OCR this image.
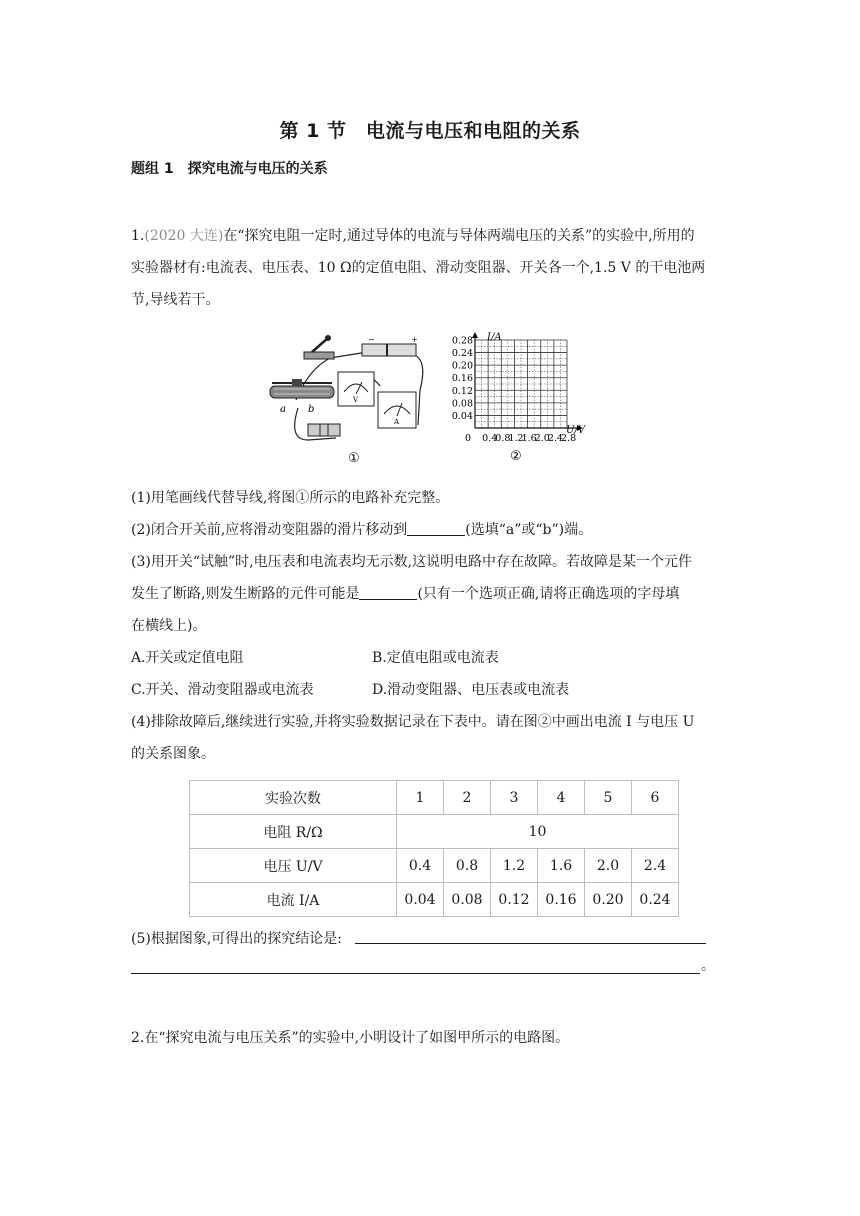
第 1 节　电流与电压和电阻的关系
题组 1　探究电流与电压的关系
1.(2020 大连)在“探究电阻一定时,通过导体的电流与导体两端电压的关系”的实验中,所用的
实验器材有:电流表、电压表、10 Ω的定值电阻、滑动变阻器、开关各一个,1.5 V 的干电池两
节,导线若干。
−	+
a b
V
A
①
0.04
0.08
0.12
0.16
0.20
0.24
0.28
0 0.4
0.8
1.2
1.6
2.0
2.4
2.8
I/A
U/V
②
(1)用笔画线代替导线,将图①所示的电路补充完整。
(2)闭合开关前,应将滑动变阻器的滑片移动到	(选填“a”或“b”)端。
(3)用开关“试触”时,电压表和电流表均无示数,这说明电路中存在故障。若故障是某一个元件
发生了断路,则发生断路的元件可能是	(只有一个选项正确,请将正确选项的字母填
在横线上)。
A.开关或定值电阻	B.定值电阻或电流表
C.开关、滑动变阻器或电流表	D.滑动变阻器、电压表或电流表
(4)排除故障后,继续进行实验,并将实验数据记录在下表中。请在图②中画出电流 I 与电压 U
的关系图象。
实验次数	1	2	3	4	5	6
电阻 R/Ω	10					
电压 U/V	0.4	0.8	1.2	1.6	2.0	2.4
电流 I/A	0.04	0.08	0.12	0.16	0.20	0.24
(5)根据图象,可得出的探究结论是:
。
2.在“探究电流与电压关系”的实验中,小明设计了如图甲所示的电路图。
